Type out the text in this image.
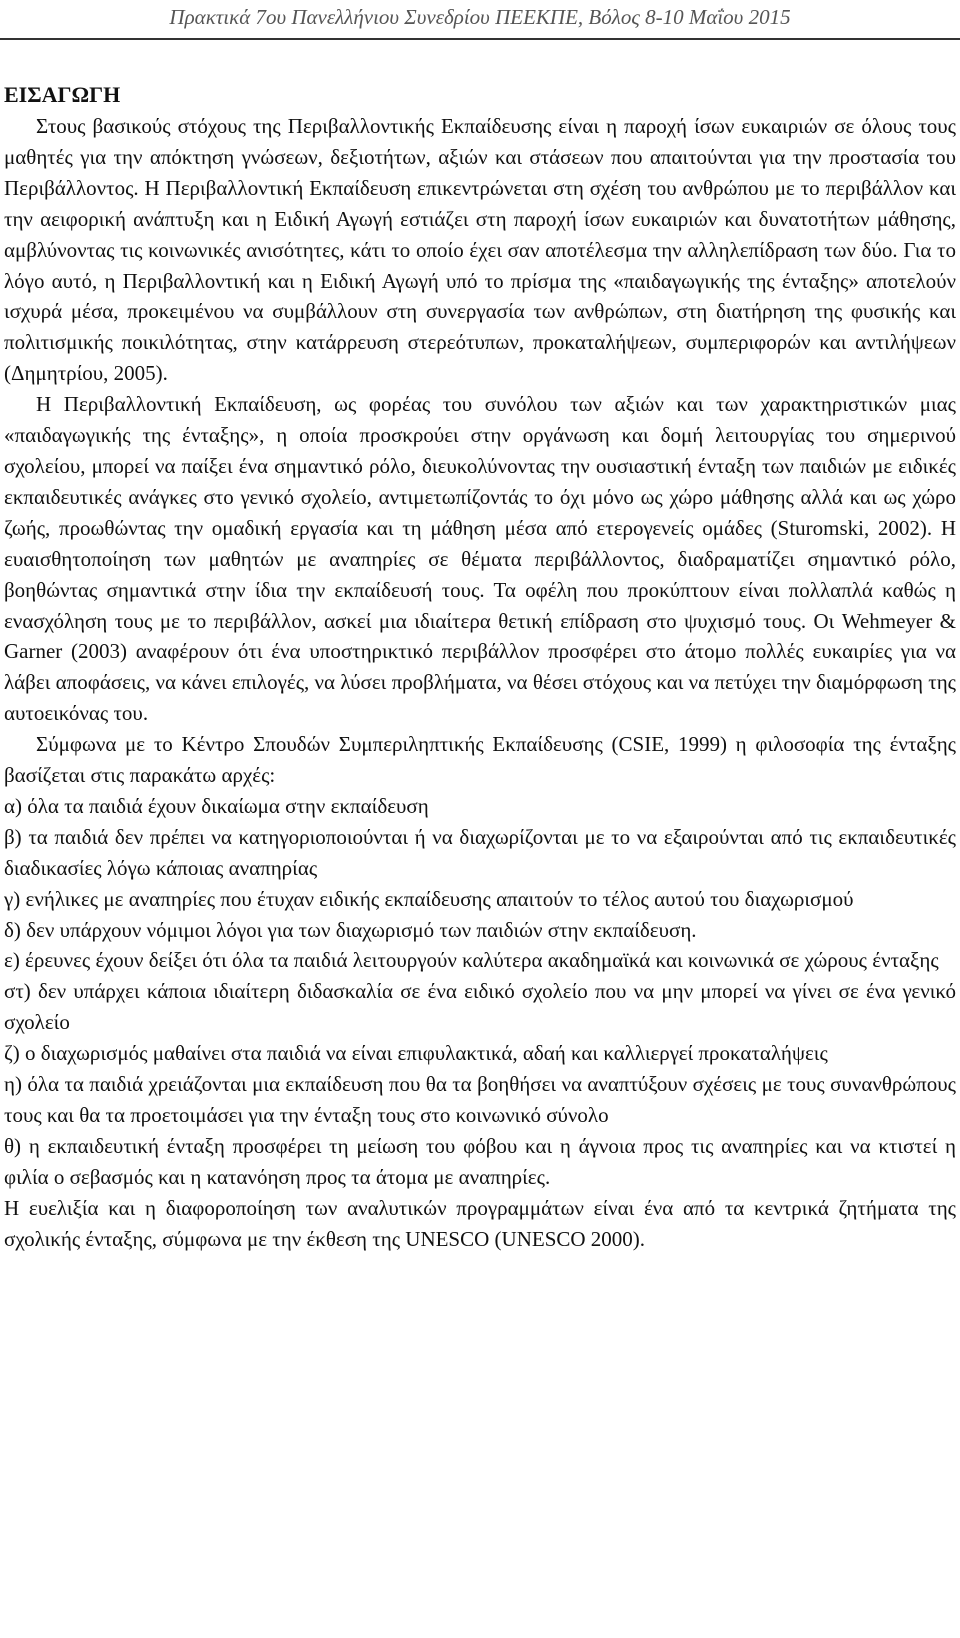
Πρακτικά 7ου Πανελλήνιου Συνεδρίου ΠΕΕΚΠΕ, Βόλος 8-10 Μαΐου 2015
ΕΙΣΑΓΩΓΗ

Στους βασικούς στόχους της Περιβαλλοντικής Εκπαίδευσης είναι η παροχή ίσων ευκαιριών σε όλους τους μαθητές για την απόκτηση γνώσεων, δεξιοτήτων, αξιών και στάσεων που απαιτούνται για την προστασία του Περιβάλλοντος. Η Περιβαλλοντική Εκπαίδευση επικεντρώνεται στη σχέση του ανθρώπου με το περιβάλλον και την αειφορική ανάπτυξη και η Ειδική Αγωγή εστιάζει στη παροχή ίσων ευκαιριών και δυνατοτήτων μάθησης, αμβλύνοντας τις κοινωνικές ανισότητες, κάτι το οποίο έχει σαν αποτέλεσμα την αλληλεπίδραση των δύο. Για το λόγο αυτό, η Περιβαλλοντική και η Ειδική Αγωγή υπό το πρίσμα της «παιδαγωγικής της ένταξης» αποτελούν ισχυρά μέσα, προκειμένου να συμβάλλουν στη συνεργασία των ανθρώπων, στη διατήρηση της φυσικής και πολιτισμικής ποικιλότητας, στην κατάρρευση στερεότυπων, προκαταλήψεων, συμπεριφορών και αντιλήψεων (Δημητρίου, 2005).

Η Περιβαλλοντική Εκπαίδευση, ως φορέας του συνόλου των αξιών και των χαρακτηριστικών μιας «παιδαγωγικής της ένταξης», η οποία προσκρούει στην οργάνωση και δομή λειτουργίας του σημερινού σχολείου, μπορεί να παίξει ένα σημαντικό ρόλο, διευκολύνοντας την ουσιαστική ένταξη των παιδιών με ειδικές εκπαιδευτικές ανάγκες στο γενικό σχολείο, αντιμετωπίζοντάς το όχι μόνο ως χώρο μάθησης αλλά και ως χώρο ζωής, προωθώντας την ομαδική εργασία και τη μάθηση μέσα από ετερογενείς ομάδες (Sturomski, 2002). Η ευαισθητοποίηση των μαθητών με αναπηρίες σε θέματα περιβάλλοντος, διαδραματίζει σημαντικό ρόλο, βοηθώντας σημαντικά στην ίδια την εκπαίδευσή τους. Τα οφέλη που προκύπτουν είναι πολλαπλά καθώς η ενασχόληση τους με το περιβάλλον, ασκεί μια ιδιαίτερα θετική επίδραση στο ψυχισμό τους. Οι Wehmeyer & Garner (2003) αναφέρουν ότι ένα υποστηρικτικό περιβάλλον προσφέρει στο άτομο πολλές ευκαιρίες για να λάβει αποφάσεις, να κάνει επιλογές, να λύσει προβλήματα, να θέσει στόχους και να πετύχει την διαμόρφωση της αυτοεικόνας του.

Σύμφωνα με το Κέντρο Σπουδών Συμπεριληπτικής Εκπαίδευσης (CSIE, 1999) η φιλοσοφία της ένταξης βασίζεται στις παρακάτω αρχές:

α) όλα τα παιδιά έχουν δικαίωμα στην εκπαίδευση

β) τα παιδιά δεν πρέπει να κατηγοριοποιούνται ή να διαχωρίζονται με το να εξαιρούνται από τις εκπαιδευτικές διαδικασίες λόγω κάποιας αναπηρίας

γ) ενήλικες με αναπηρίες που έτυχαν ειδικής εκπαίδευσης απαιτούν το τέλος αυτού του διαχωρισμού

δ) δεν υπάρχουν νόμιμοι λόγοι για των διαχωρισμό των παιδιών στην εκπαίδευση.

ε) έρευνες έχουν δείξει ότι όλα τα παιδιά λειτουργούν καλύτερα ακαδημαϊκά και κοινωνικά σε χώρους ένταξης

στ) δεν υπάρχει κάποια ιδιαίτερη διδασκαλία σε ένα ειδικό σχολείο που να μην μπορεί να γίνει σε ένα γενικό σχολείο

ζ) ο διαχωρισμός μαθαίνει στα παιδιά να είναι επιφυλακτικά, αδαή και καλλιεργεί προκαταλήψεις

η) όλα τα παιδιά χρειάζονται μια εκπαίδευση που θα τα βοηθήσει να αναπτύξουν σχέσεις με τους συνανθρώπους τους και θα τα προετοιμάσει για την ένταξη τους στο κοινωνικό σύνολο

θ) η εκπαιδευτική ένταξη προσφέρει τη μείωση του φόβου και η άγνοια προς τις αναπηρίες και να κτιστεί η φιλία ο σεβασμός και η κατανόηση προς τα άτομα με αναπηρίες.

Η ευελιξία και η διαφοροποίηση των αναλυτικών προγραμμάτων είναι ένα από τα κεντρικά ζητήματα της σχολικής ένταξης, σύμφωνα με την έκθεση της UNESCO (UNESCO 2000).
